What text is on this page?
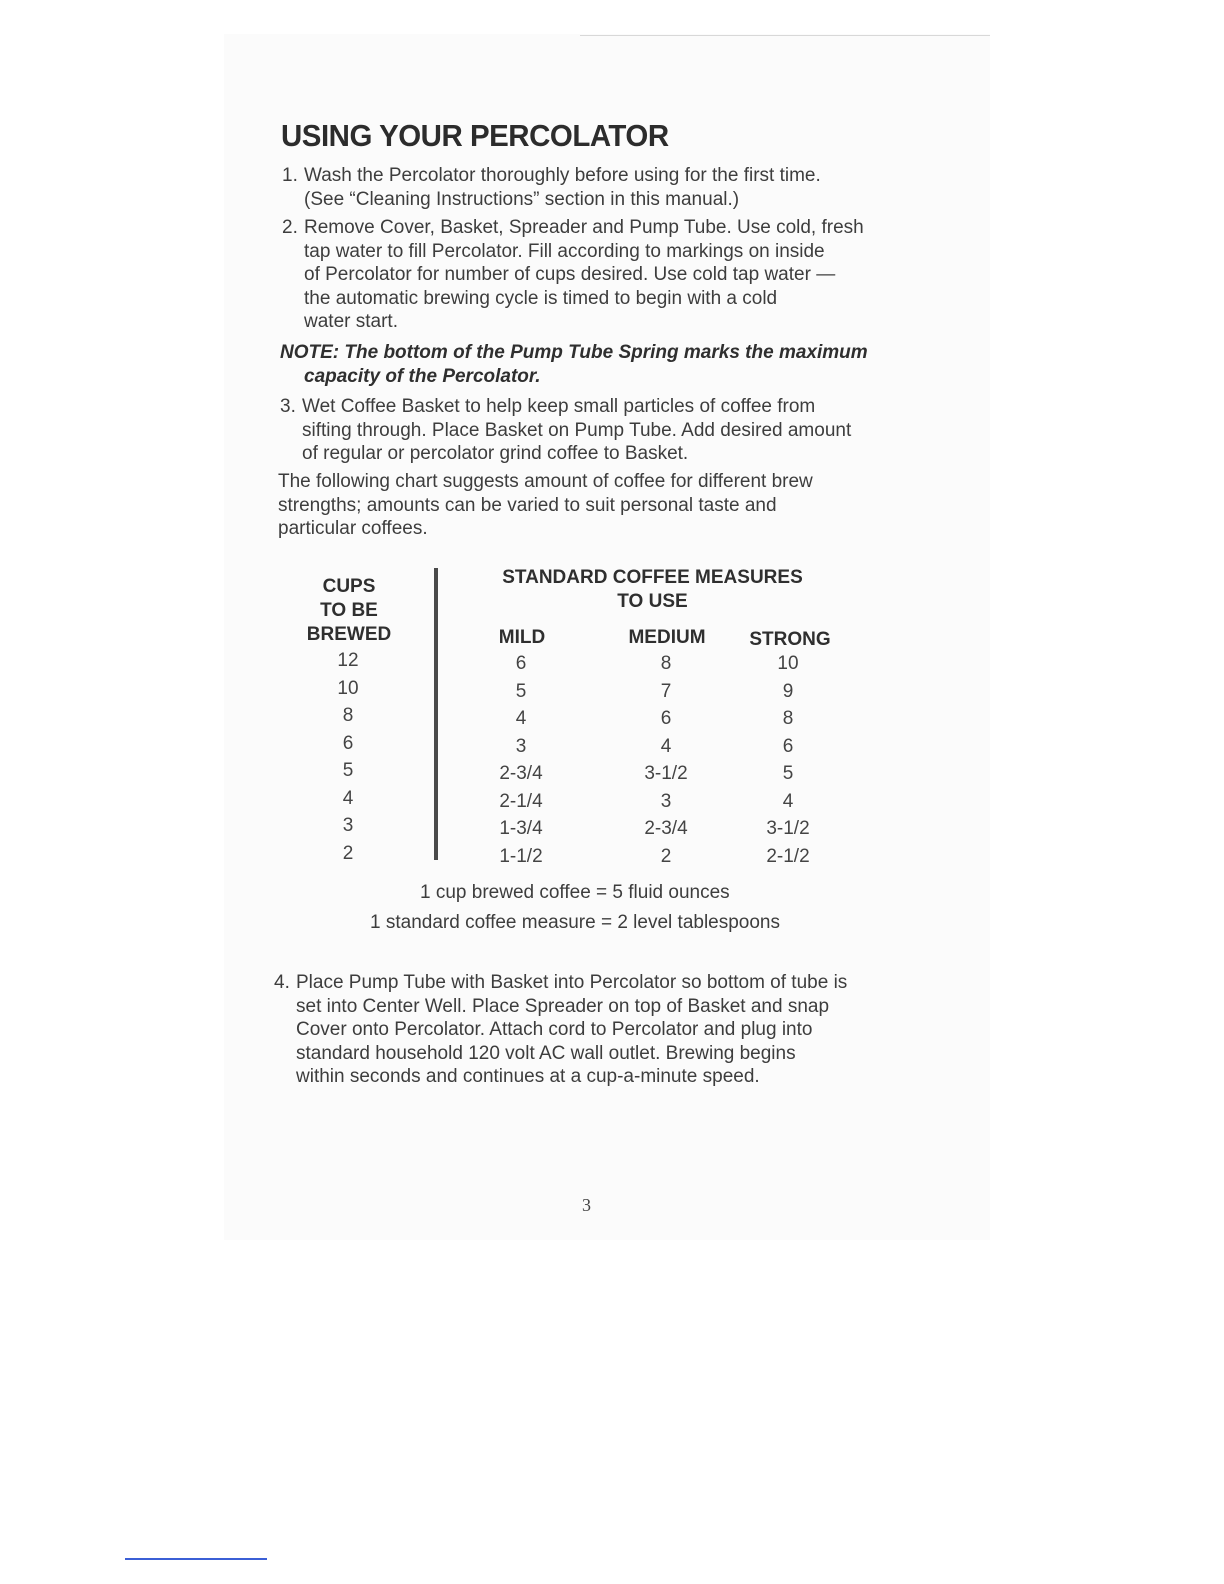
USING YOUR PERCOLATOR
1. Wash the Percolator thoroughly before using for the first time.
(See “Cleaning Instructions” section in this manual.)
2. Remove Cover, Basket, Spreader and Pump Tube. Use cold, fresh
tap water to fill Percolator. Fill according to markings on inside
of Percolator for number of cups desired. Use cold tap water —
the automatic brewing cycle is timed to begin with a cold
water start.
NOTE: The bottom of the Pump Tube Spring marks the maximum
capacity of the Percolator.
3. Wet Coffee Basket to help keep small particles of coffee from
sifting through. Place Basket on Pump Tube. Add desired amount
of regular or percolator grind coffee to Basket.
The following chart suggests amount of coffee for different brew
strengths; amounts can be varied to suit personal taste and
particular coffees.
CUPS
TO BE
BREWED
STANDARD COFFEE MEASURES
TO USE
MILD	MEDIUM	STRONG
12	6	8	10
10	5	7	9
8	4	6	8
6	3	4	6
5	2-3/4	3-1/2	5
4	2-1/4	3	4
3	1-3/4	2-3/4	3-1/2
2	1-1/2	2	2-1/2
1 cup brewed coffee = 5 fluid ounces
1 standard coffee measure = 2 level tablespoons
4. Place Pump Tube with Basket into Percolator so bottom of tube is
set into Center Well. Place Spreader on top of Basket and snap
Cover onto Percolator. Attach cord to Percolator and plug into
standard household 120 volt AC wall outlet. Brewing begins
within seconds and continues at a cup-a-minute speed.
3
